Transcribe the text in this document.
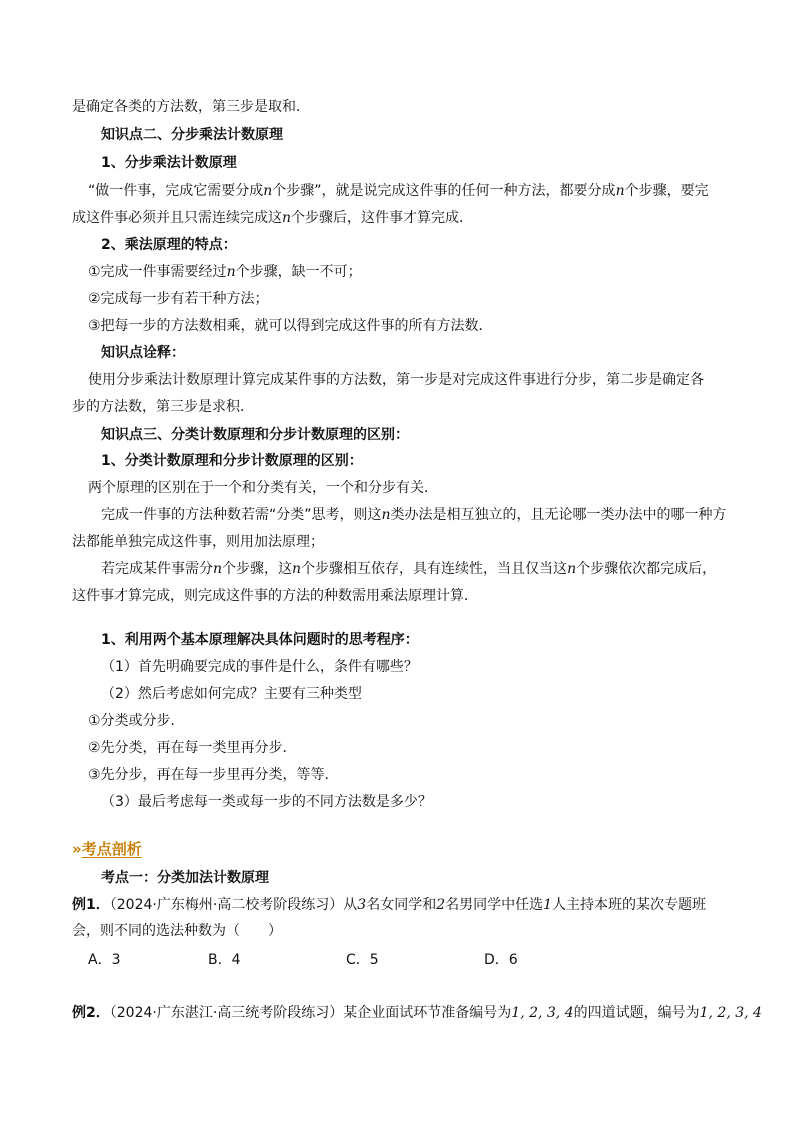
是确定各类的方法数，第三步是取和．
知识点二、分步乘法计数原理
1、分步乘法计数原理
“做一件事，完成它需要分成n个步骤”，就是说完成这件事的任何一种方法，都要分成n个步骤，要完
成这件事必须并且只需连续完成这n个步骤后，这件事才算完成．
2、乘法原理的特点：
①完成一件事需要经过n个步骤，缺一不可；
②完成每一步有若干种方法；
③把每一步的方法数相乘，就可以得到完成这件事的所有方法数．
知识点诠释：
使用分步乘法计数原理计算完成某件事的方法数，第一步是对完成这件事进行分步，第二步是确定各
步的方法数，第三步是求积．
知识点三、分类计数原理和分步计数原理的区别：
1、分类计数原理和分步计数原理的区别：
两个原理的区别在于一个和分类有关，一个和分步有关．
完成一件事的方法种数若需“分类”思考，则这n类办法是相互独立的，且无论哪一类办法中的哪一种方
法都能单独完成这件事，则用加法原理；
若完成某件事需分n个步骤，这n个步骤相互依存，具有连续性，当且仅当这n个步骤依次都完成后，
这件事才算完成，则完成这件事的方法的种数需用乘法原理计算．
1、利用两个基本原理解决具体问题时的思考程序：
（1）首先明确要完成的事件是什么，条件有哪些？
（2）然后考虑如何完成？主要有三种类型
①分类或分步．
②先分类，再在每一类里再分步．
③先分步，再在每一步里再分类，等等．
（3）最后考虑每一类或每一步的不同方法数是多少？
» 考点剖析
考点一：分类加法计数原理
例1．（2024·广东梅州·高二校考阶段练习）从3名女同学和2名男同学中任选1人主持本班的某次专题班
会，则不同的选法种数为（　　）
A．3	B．4	C．5	D．6
例2．（2024·广东湛江·高三统考阶段练习）某企业面试环节准备编号为1, 2, 3, 4的四道试题，编号为1, 2, 3, 4
